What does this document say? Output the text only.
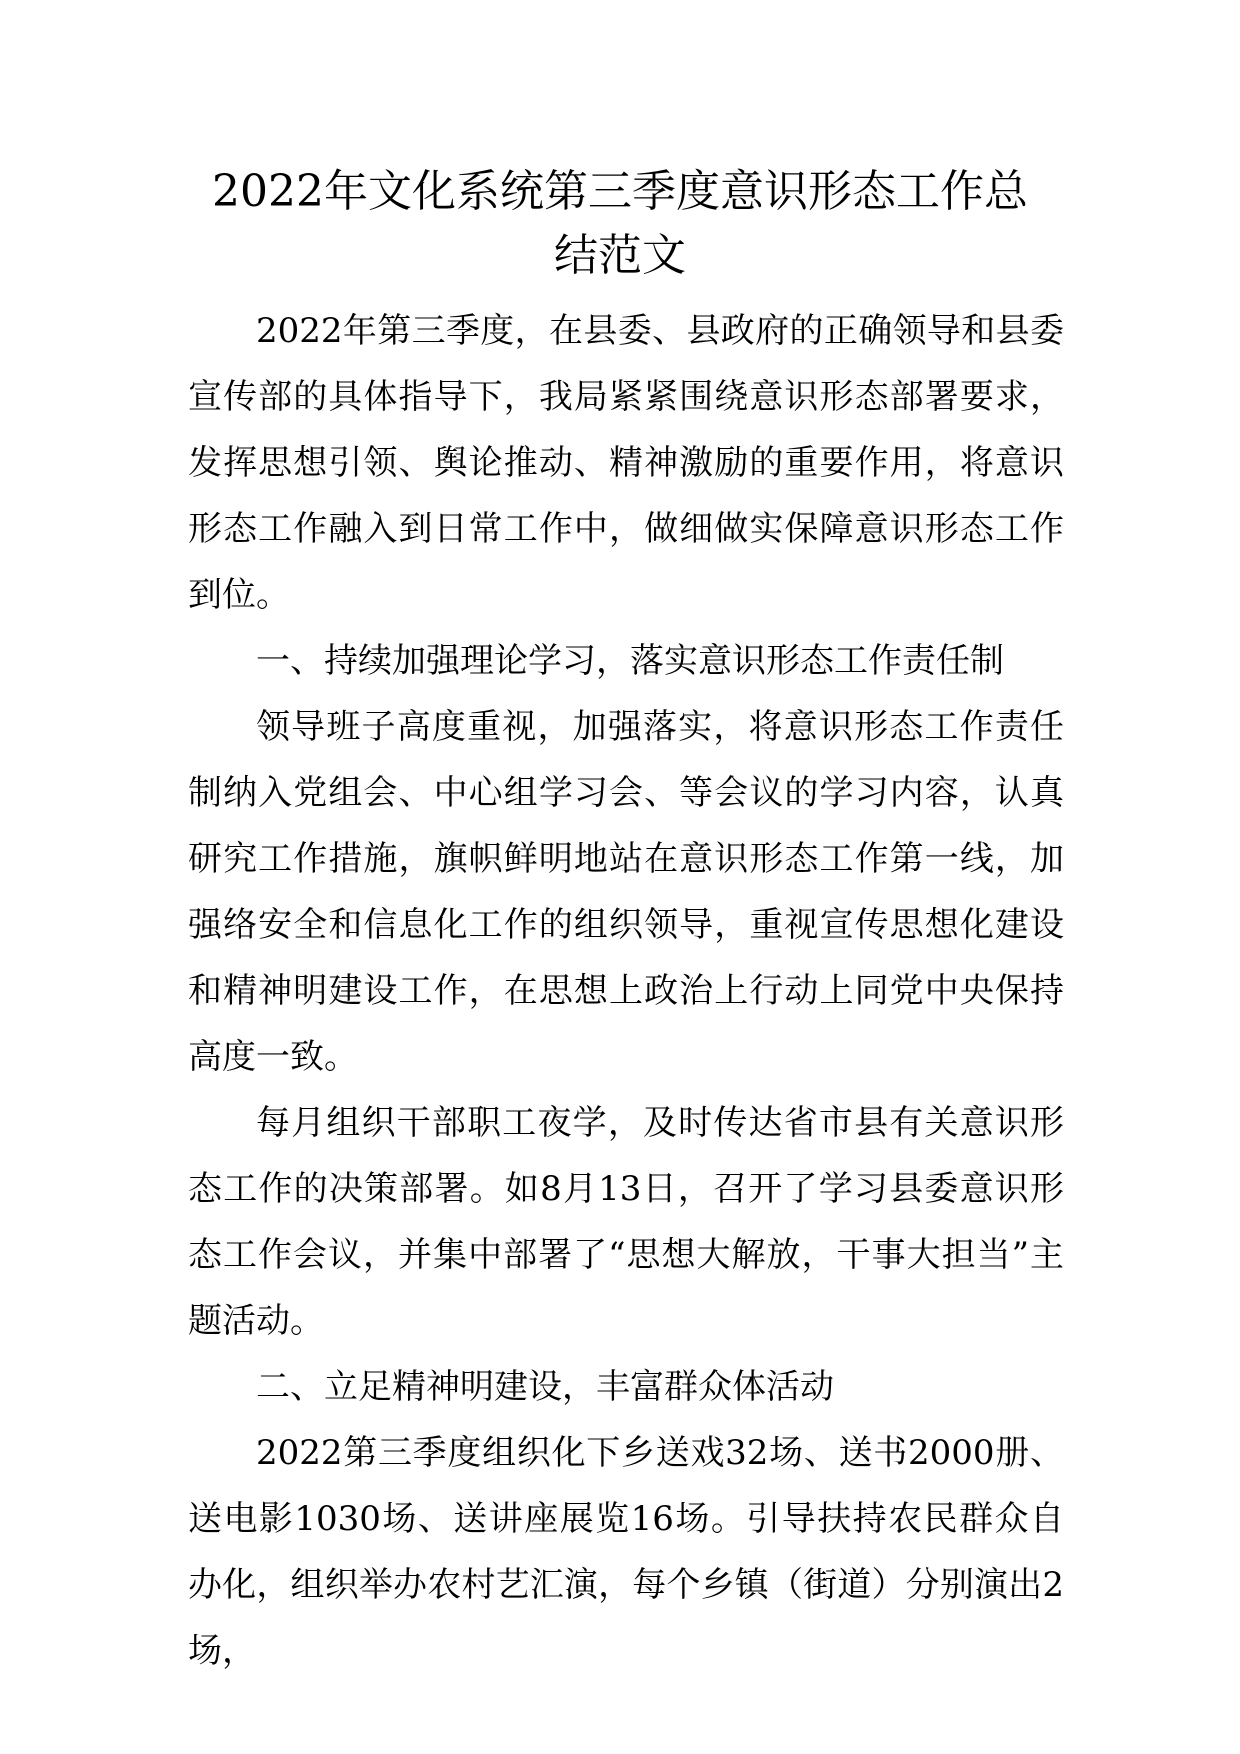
2022年文化系统第三季度意识形态工作总
结范文

2022年第三季度，在县委、县政府的正确领导和县委宣传部的具体指导下，我局紧紧围绕意识形态部署要求，发挥思想引领、舆论推动、精神激励的重要作用，将意识形态工作融入到日常工作中，做细做实保障意识形态工作到位。

一、持续加强理论学习，落实意识形态工作责任制

领导班子高度重视，加强落实，将意识形态工作责任制纳入党组会、中心组学习会、等会议的学习内容，认真研究工作措施，旗帜鲜明地站在意识形态工作第一线，加强络安全和信息化工作的组织领导，重视宣传思想化建设和精神明建设工作，在思想上政治上行动上同党中央保持高度一致。

每月组织干部职工夜学，及时传达省市县有关意识形态工作的决策部署。如8月13日，召开了学习县委意识形态工作会议，并集中部署了“思想大解放，干事大担当”主题活动。

二、立足精神明建设，丰富群众体活动

2022第三季度组织化下乡送戏32场、送书2000册、送电影1030场、送讲座展览16场。引导扶持农民群众自办化，组织举办农村艺汇演，每个乡镇（街道）分别演出2场，
